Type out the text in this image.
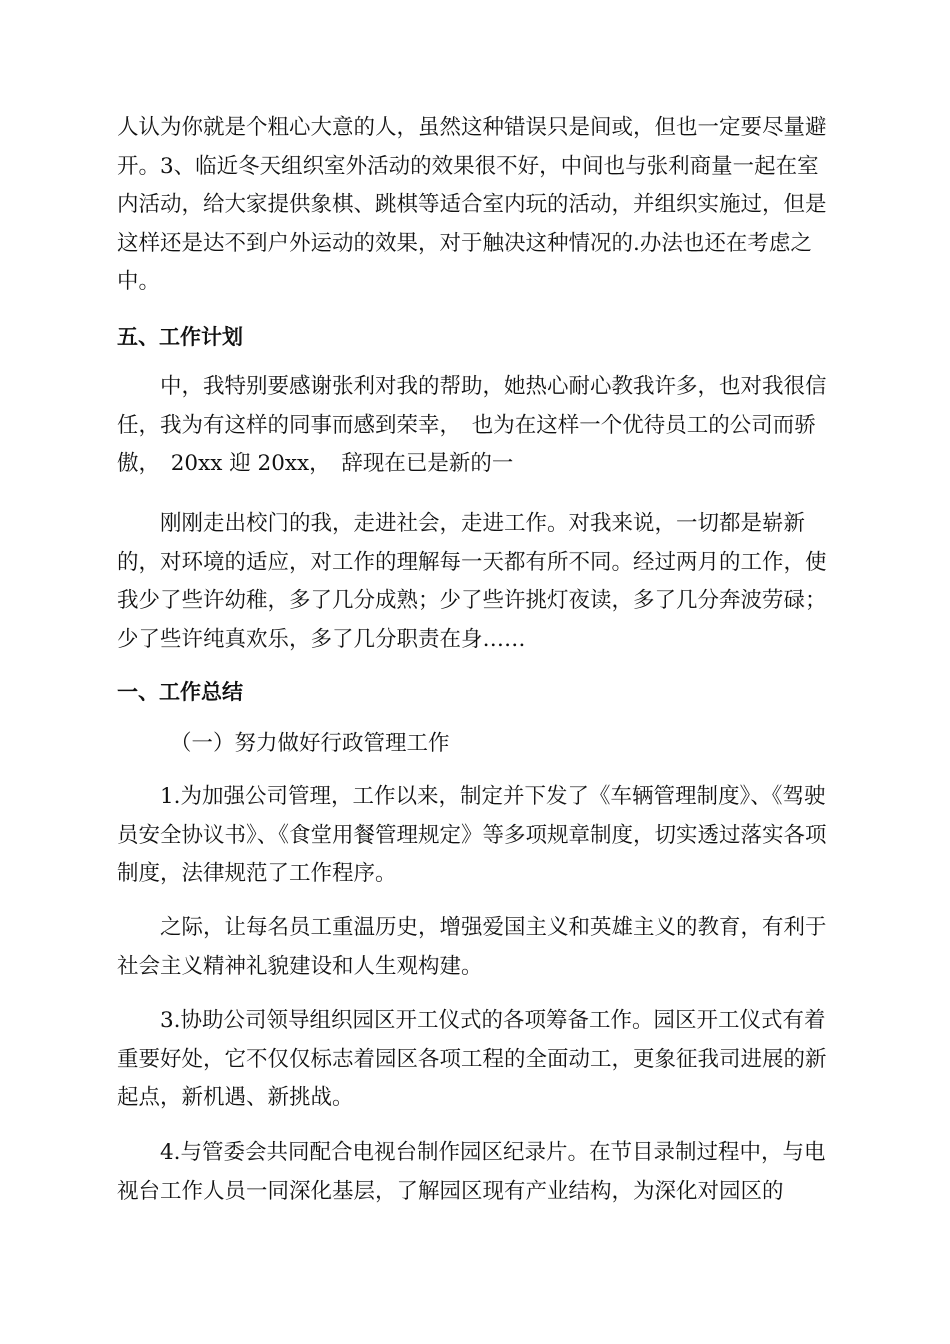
人认为你就是个粗心大意的人，虽然这种错误只是间或，但也一定要尽量避开。3、临近冬天组织室外活动的效果很不好，中间也与张利商量一起在室内活动，给大家提供象棋、跳棋等适合室内玩的活动，并组织实施过，但是这样还是达不到户外运动的效果，对于触决这种情况的.办法也还在考虑之中。

五、工作计划

中，我特别要感谢张利对我的帮助，她热心耐心教我许多，也对我很信　任，我为有这样的同事而感到荣幸，　也为在这样一个优待员工的公司而骄傲，　20xx 迎 20xx，　辞现在已是新的一

刚刚走出校门的我，走进社会，走进工作。对我来说，一切都是崭新的，对环境的适应，对工作的理解每一天都有所不同。经过两月的工作，使我少了些许幼稚，多了几分成熟；少了些许挑灯夜读，多了几分奔波劳碌；少了些许纯真欢乐，多了几分职责在身……

一、工作总结

（一）努力做好行政管理工作

1.为加强公司管理，工作以来，制定并下发了《车辆管理制度》、《驾驶员安全协议书》、《食堂用餐管理规定》等多项规章制度，切实透过落实各项制度，法律规范了工作程序。

之际，让每名员工重温历史，增强爱国主义和英雄主义的教育，有利于社会主义精神礼貌建设和人生观构建。

3.协助公司领导组织园区开工仪式的各项筹备工作。园区开工仪式有着重要好处，它不仅仅标志着园区各项工程的全面动工，更象征我司进展的新起点，新机遇、新挑战。

4.与管委会共同配合电视台制作园区纪录片。在节目录制过程中，与电视台工作人员一同深化基层，了解园区现有产业结构，为深化对园区的
